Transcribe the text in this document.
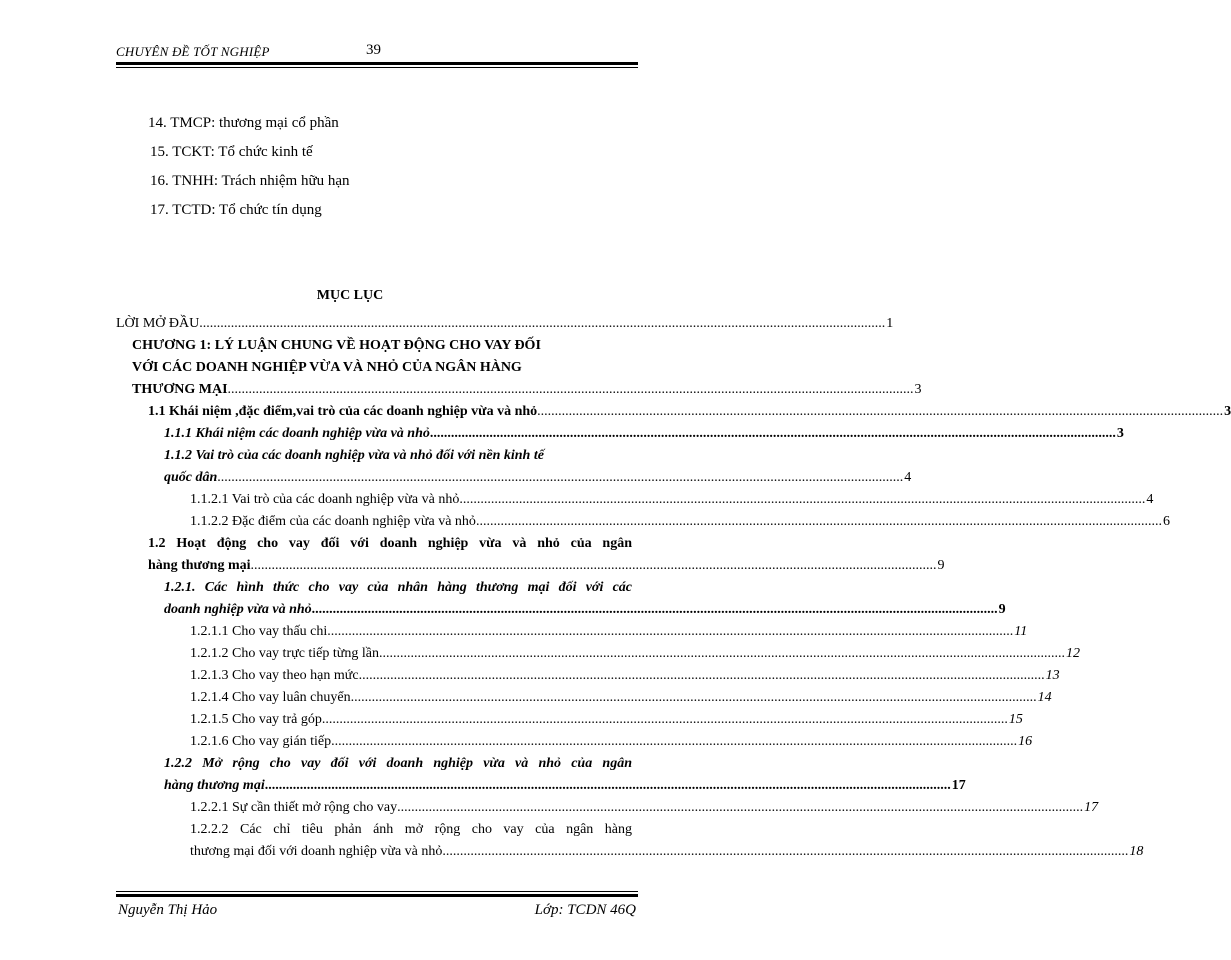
CHUYÊN ĐỀ TỐT NGHIỆP	39
14. TMCP: thương mại cổ phần
15. TCKT: Tổ chức kinh tế
16. TNHH: Trách nhiệm hữu hạn
17. TCTD: Tổ chức tín dụng
MỤC LỤC
LỜI MỞ ĐẦU .................................................................................................................................................................................................... 1
CHƯƠNG 1: LÝ LUẬN CHUNG VỀ HOẠT ĐỘNG CHO VAY ĐỐI
VỚI CÁC DOANH NGHIỆP VỪA VÀ NHỎ CỦA NGÂN HÀNG
THƯƠNG MẠI .................................................................................................................................................................................................... 3
1.1 Khái niệm ,đặc điểm,vai trò của các doanh nghiệp vừa và nhỏ .................................................................................................................................................................................................... 3
1.1.1 Khái niệm các doanh nghiệp vừa và nhỏ .................................................................................................................................................................................................... 3
1.1.2 Vai trò của các doanh nghiệp vừa và nhỏ đối với nền kinh tế
quốc dân .................................................................................................................................................................................................... 4
1.1.2.1 Vai trò của các doanh nghiệp vừa và nhỏ .................................................................................................................................................................................................... 4
1.1.2.2 Đặc điểm của các doanh nghiệp vừa và nhỏ .................................................................................................................................................................................................... 6
1.2 Hoạt động cho vay đối với doanh nghiệp vừa và nhỏ của ngân
hàng thương mại .................................................................................................................................................................................................... 9
1.2.1. Các hình thức cho vay của nhân hàng thương mại đối với các
doanh nghiệp vừa và nhỏ .................................................................................................................................................................................................... 9
1.2.1.1 Cho vay thấu chi .................................................................................................................................................................................................... 11
1.2.1.2 Cho vay trực tiếp từng lần .................................................................................................................................................................................................... 12
1.2.1.3 Cho vay theo hạn mức .................................................................................................................................................................................................... 13
1.2.1.4 Cho vay luân chuyển .................................................................................................................................................................................................... 14
1.2.1.5 Cho vay trả góp .................................................................................................................................................................................................... 15
1.2.1.6 Cho vay gián tiếp .................................................................................................................................................................................................... 16
1.2.2 Mở rộng cho vay đối với doanh nghiệp vừa và nhỏ của ngân
hàng thương mại .................................................................................................................................................................................................... 17
1.2.2.1 Sự cần thiết mở rộng cho vay .................................................................................................................................................................................................... 17
1.2.2.2 Các chỉ tiêu phản ánh mở rộng cho vay của ngân hàng
thương mại đối với doanh nghiệp vừa và nhỏ .................................................................................................................................................................................................... 18
Nguyễn Thị Hảo	Lớp: TCDN 46Q
